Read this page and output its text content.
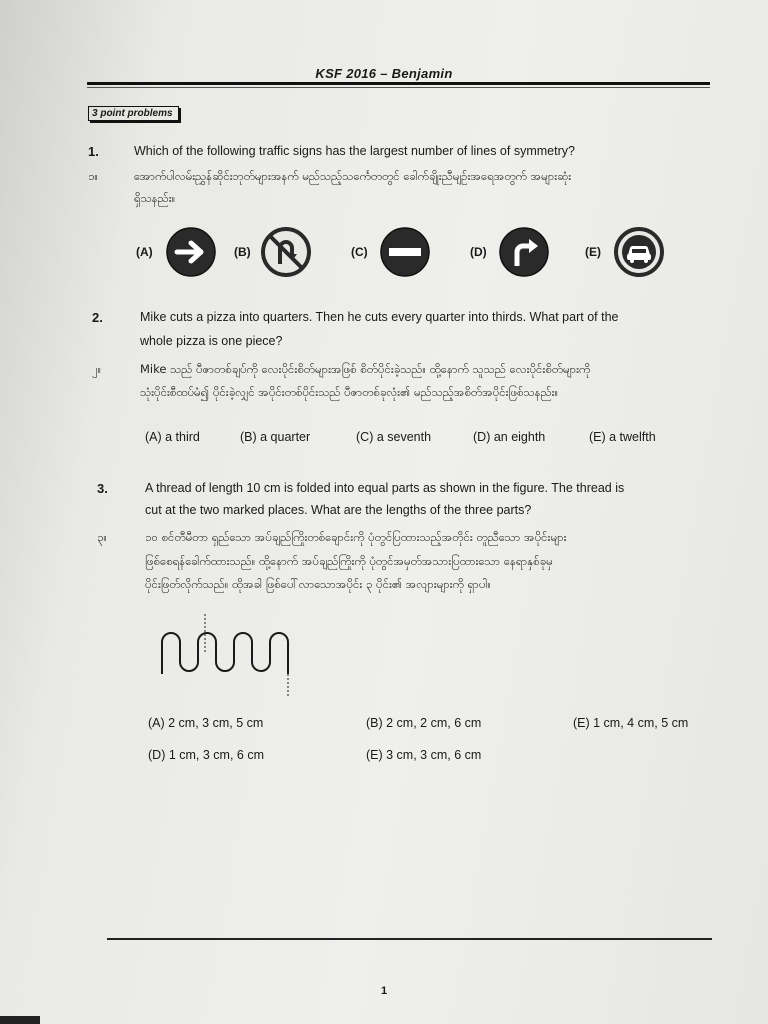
KSF 2016 – Benjamin
3 point problems
1.	Which of the following traffic signs has the largest number of lines of symmetry?
၁။	အောက်ပါလမ်းညွှန်ဆိုင်းဘုတ်များအနက် မည်သည့်သင်္ကေတတွင် ခေါက်ချိုးညီမျဉ်းအရေအတွက် အများဆုံး
ရှိသနည်း။
(A)	(B)	(C)	(D)	(E)
2.	Mike cuts a pizza into quarters. Then he cuts every quarter into thirds. What part of the
whole pizza is one piece?
၂။	Mike သည် ပီဇာတစ်ချပ်ကို လေးပိုင်းစိတ်များအဖြစ် စိတ်ပိုင်းခဲ့သည်။ ထို့နောက် သူသည် လေးပိုင်းစိတ်များကို
သုံးပိုင်းစီထပ်မံ၍ ပိုင်းခဲ့လျှင် အပိုင်းတစ်ပိုင်းသည် ပီဇာတစ်ခုလုံး၏ မည်သည့်အစိတ်အပိုင်းဖြစ်သနည်း။
(A) a third	(B) a quarter	(C) a seventh	(D) an eighth	(E) a twelfth
3.	A thread of length 10 cm is folded into equal parts as shown in the figure. The thread is
cut at the two marked places. What are the lengths of the three parts?
၃။	၁၀ စင်တီမီတာ ရှည်သော အပ်ချည်ကြိုးတစ်ချောင်းကို ပုံတွင်ပြထားသည့်အတိုင်း တူညီသော အပိုင်းများ
ဖြစ်စေရန်ခေါက်ထားသည်။ ထို့နောက် အပ်ချည်ကြိုးကို ပုံတွင်အမှတ်အသားပြထားသော နေရာနှစ်ခုမှ
ပိုင်းဖြတ်လိုက်သည်။ ထိုအခါ ဖြစ်ပေါ်လာသောအပိုင်း ၃ ပိုင်း၏ အလျားများကို ရှာပါ။
(A) 2 cm, 3 cm, 5 cm	(B) 2 cm, 2 cm, 6 cm	(E) 1 cm, 4 cm, 5 cm
(D) 1 cm, 3 cm, 6 cm	(E) 3 cm, 3 cm, 6 cm
1
